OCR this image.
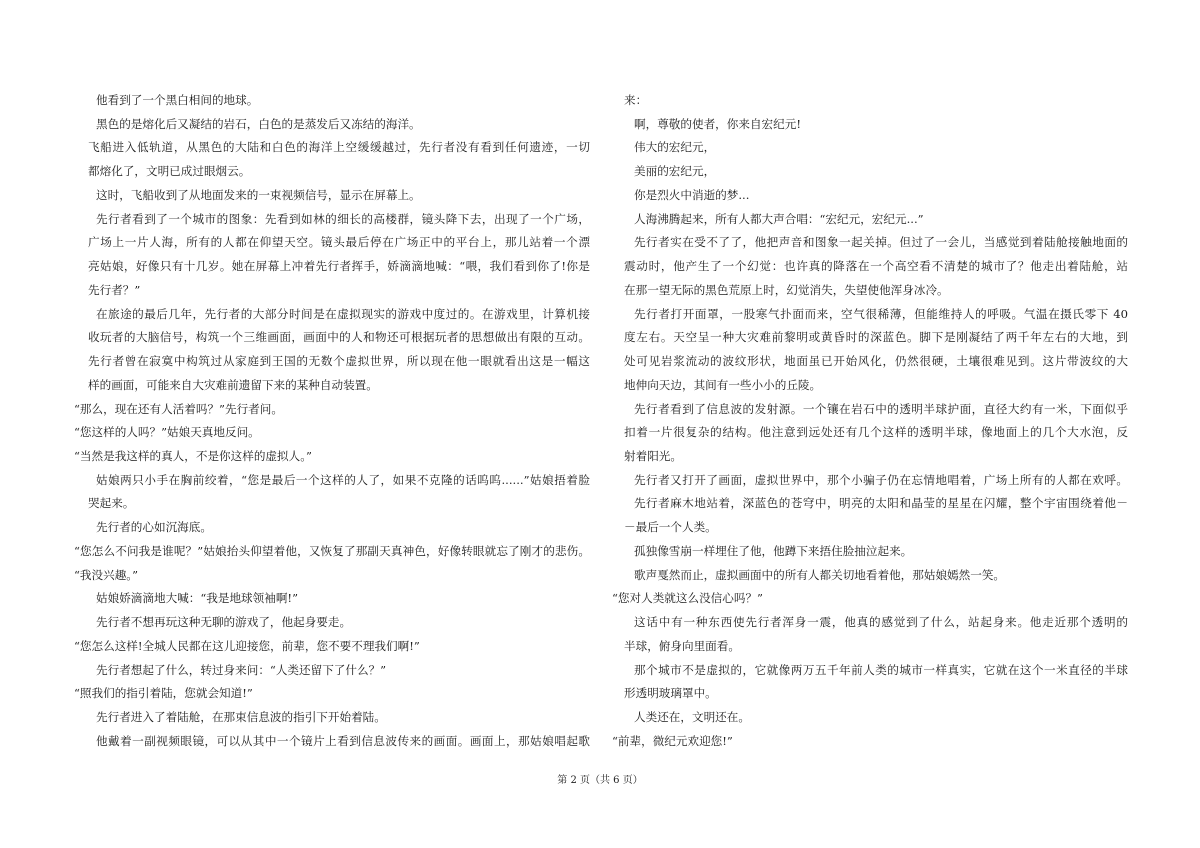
他看到了一个黑白相间的地球。
黑色的是熔化后又凝结的岩石，白色的是蒸发后又冻结的海洋。
飞船进入低轨道，从黑色的大陆和白色的海洋上空缓缓越过，先行者没有看到任何遗迹，一切
都熔化了，文明已成过眼烟云。
这时，飞船收到了从地面发来的一束视频信号，显示在屏幕上。
先行者看到了一个城市的图象：先看到如林的细长的高楼群，镜头降下去，出现了一个广场，
广场上一片人海，所有的人都在仰望天空。镜头最后停在广场正中的平台上，那儿站着一个漂
亮姑娘，好像只有十几岁。她在屏幕上冲着先行者挥手，娇滴滴地喊：“喂，我们看到你了!你是
先行者？”
在旅途的最后几年，先行者的大部分时间是在虚拟现实的游戏中度过的。在游戏里，计算机接
收玩者的大脑信号，构筑一个三维画面，画面中的人和物还可根据玩者的思想做出有限的互动。
先行者曾在寂寞中构筑过从家庭到王国的无数个虚拟世界，所以现在他一眼就看出这是一幅这
样的画面，可能来自大灾难前遗留下来的某种自动装置。
“那么，现在还有人活着吗？”先行者问。
“您这样的人吗？”姑娘天真地反问。
“当然是我这样的真人，不是你这样的虚拟人。”
姑娘两只小手在胸前绞着，“您是最后一个这样的人了，如果不克隆的话呜呜......”姑娘捂着脸
哭起来。
先行者的心如沉海底。
“您怎么不问我是谁呢？”姑娘抬头仰望着他，又恢复了那副天真神色，好像转眼就忘了刚才的悲伤。
“我没兴趣。”
姑娘娇滴滴地大喊：“我是地球领袖啊!”
先行者不想再玩这种无聊的游戏了，他起身要走。
“您怎么这样!全城人民都在这儿迎接您，前辈，您不要不理我们啊!”
先行者想起了什么，转过身来问：“人类还留下了什么？”
“照我们的指引着陆，您就会知道!”
先行者进入了着陆舱，在那束信息波的指引下开始着陆。
他戴着一副视频眼镜，可以从其中一个镜片上看到信息波传来的画面。画面上，那姑娘唱起歌
来：
啊，尊敬的使者，你来自宏纪元!
伟大的宏纪元，
美丽的宏纪元，
你是烈火中消逝的梦...
人海沸腾起来，所有人都大声合唱：“宏纪元，宏纪元...”
先行者实在受不了了，他把声音和图象一起关掉。但过了一会儿，当感觉到着陆舱接触地面的
震动时，他产生了一个幻觉：也许真的降落在一个高空看不清楚的城市了？他走出着陆舱，站
在那一望无际的黑色荒原上时，幻觉消失，失望使他浑身冰冷。
先行者打开面罩，一股寒气扑面而来，空气很稀薄，但能维持人的呼吸。气温在摄氏零下 40
度左右。天空呈一种大灾难前黎明或黄昏时的深蓝色。脚下是刚凝结了两千年左右的大地，到
处可见岩浆流动的波纹形状，地面虽已开始风化，仍然很硬，土壤很难见到。这片带波纹的大
地伸向天边，其间有一些小小的丘陵。
先行者看到了信息波的发射源。一个镶在岩石中的透明半球护面，直径大约有一米，下面似乎
扣着一片很复杂的结构。他注意到远处还有几个这样的透明半球，像地面上的几个大水泡，反
射着阳光。
先行者又打开了画面，虚拟世界中，那个小骗子仍在忘情地唱着，广场上所有的人都在欢呼。
先行者麻木地站着，深蓝色的苍穹中，明亮的太阳和晶莹的星星在闪耀，整个宇宙围绕着他－
－最后一个人类。
孤独像雪崩一样埋住了他，他蹲下来捂住脸抽泣起来。
歌声戛然而止，虚拟画面中的所有人都关切地看着他，那姑娘嫣然一笑。
“您对人类就这么没信心吗？”
这话中有一种东西使先行者浑身一震，他真的感觉到了什么，站起身来。他走近那个透明的
半球，俯身向里面看。
那个城市不是虚拟的，它就像两万五千年前人类的城市一样真实，它就在这个一米直径的半球
形透明玻璃罩中。
人类还在，文明还在。
“前辈，微纪元欢迎您!”
第 2 页（共 6 页）
